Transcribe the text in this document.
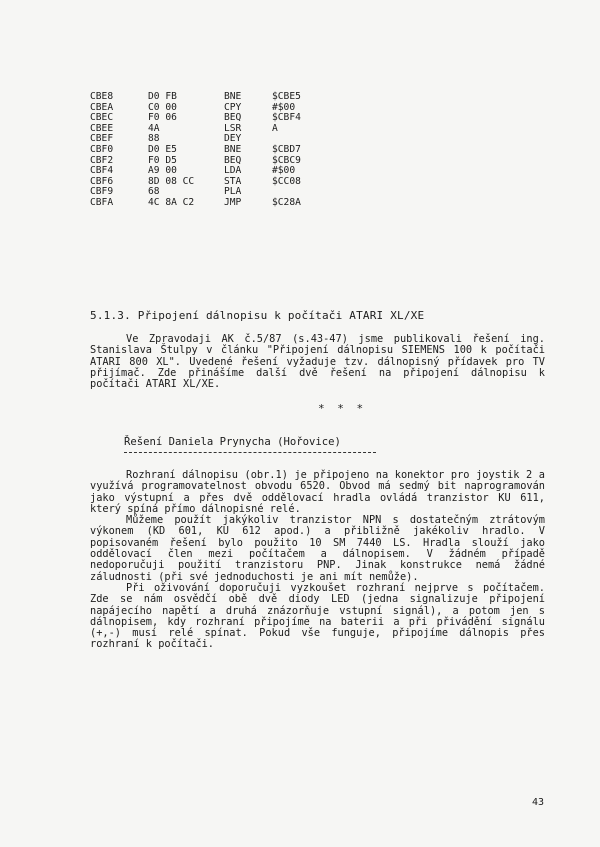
CBE8	D0 FB	BNE	$CBE5
CBEA	C0 00	CPY	#$00
CBEC	F0 06	BEQ	$CBF4
CBEE	4A	LSR	A
CBEF	88	DEY
CBF0	D0 E5	BNE	$CBD7
CBF2	F0 D5	BEQ	$CBC9
CBF4	A9 00	LDA	#$00
CBF6	8D 08 CC	STA	$CC08
CBF9	68	PLA
CBFA	4C 8A C2	JMP	$C28A
5.1.3. Připojení dálnopisu k počítači ATARI XL/XE
Ve Zpravodaji AK č.5/87 (s.43-47) jsme publikovali řešení ing. Stanislava Štulpy v článku "Připojení dálnopisu SIEMENS 100 k počítači ATARI 800 XL". Uvedené řešení vyžaduje tzv. dálnopisný přídavek pro TV přijímač. Zde přinášíme další dvě řešení na připojení dálnopisu k počítači ATARI XL/XE.
* * *
Řešení Daniela Prynycha (Hořovice)

Rozhraní dálnopisu (obr.1) je připojeno na konektor pro joystik 2 a využívá programovatelnost obvodu 6520. Obvod má sedmý bit naprogramován jako výstupní a přes dvě oddělovací hradla ovládá tranzistor KU 611, který spíná přímo dálnopisné relé.

Můžeme použít jakýkoliv tranzistor NPN s dostatečným ztrátovým výkonem (KD 601, KU 612 apod.) a přibližně jakékoliv hradlo. V popisovaném řešení bylo použito 10 SM 7440 LS. Hradla slouží jako oddělovací člen mezi počítačem a dálnopisem. V žádném případě nedoporučuji použití tranzistoru PNP. Jinak konstrukce nemá žádné záludnosti (při své jednoduchosti je ani mít nemůže).

Při oživování doporučuji vyzkoušet rozhraní nejprve s počítačem. Zde se nám osvědčí obě dvě diody LED (jedna signalizuje připojení napájecího napětí a druhá znázorňuje vstupní signál), a potom jen s dálnopisem, kdy rozhraní připojíme na baterii a při přivádění signálu (+,-) musí relé spínat. Pokud vše funguje, připojíme dálnopis přes rozhraní k počítači.

43
